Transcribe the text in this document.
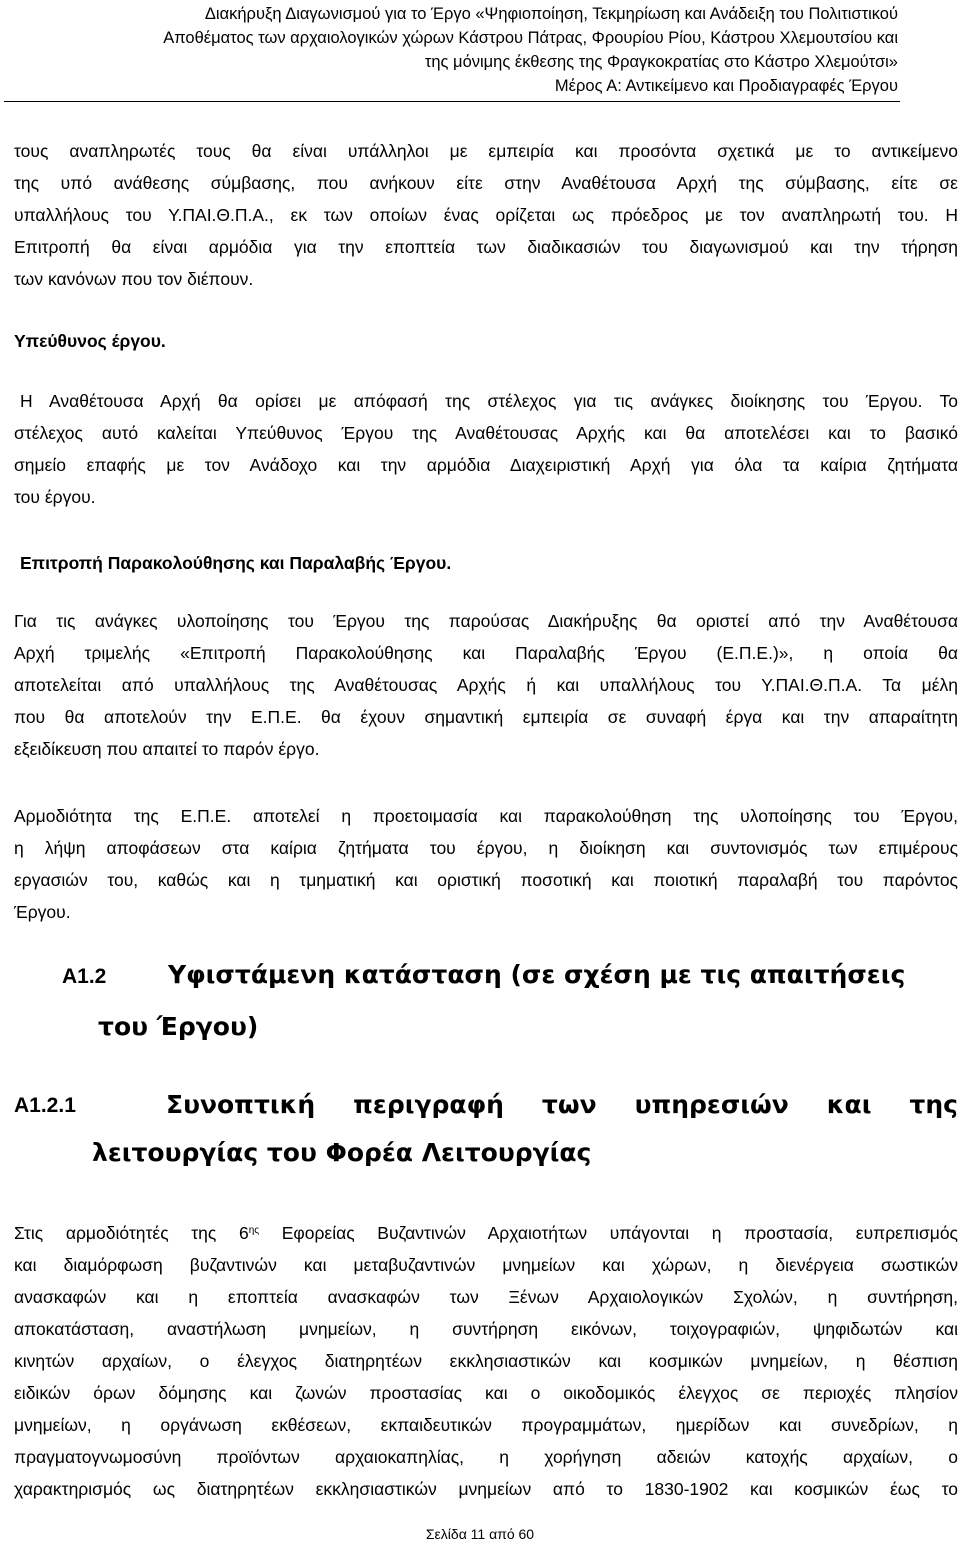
Διακήρυξη Διαγωνισμού για το Έργο «Ψηφιοποίηση, Τεκμηρίωση και Ανάδειξη του Πολιτιστικού
Αποθέματος των αρχαιολογικών χώρων Κάστρου Πάτρας, Φρουρίου Ρίου, Κάστρου Χλεμουτσίου και
της μόνιμης έκθεσης της Φραγκοκρατίας στο Κάστρο Χλεμούτσι»
Μέρος Α: Αντικείμενο και Προδιαγραφές Έργου
τους αναπληρωτές τους θα είναι υπάλληλοι με εμπειρία και προσόντα σχετικά με το αντικείμενο
της υπό ανάθεσης σύμβασης, που ανήκουν είτε στην Αναθέτουσα Αρχή της σύμβασης, είτε σε
υπαλλήλους του Υ.ΠΑΙ.Θ.Π.Α., εκ των οποίων ένας ορίζεται ως πρόεδρος με τον αναπληρωτή του. Η
Επιτροπή θα είναι αρμόδια για την εποπτεία των διαδικασιών του διαγωνισμού και την τήρηση
των κανόνων που τον διέπουν.
Υπεύθυνος έργου.
Η Αναθέτουσα Αρχή θα ορίσει με απόφασή της στέλεχος για τις ανάγκες διοίκησης του Έργου. Το
στέλεχος αυτό καλείται Υπεύθυνος Έργου της Αναθέτουσας Αρχής και θα αποτελέσει και το βασικό
σημείο επαφής με τον Ανάδοχο και την αρμόδια Διαχειριστική Αρχή για όλα τα καίρια ζητήματα
του έργου.
Επιτροπή Παρακολούθησης και Παραλαβής Έργου.
Για τις ανάγκες υλοποίησης του Έργου της παρούσας Διακήρυξης θα οριστεί από την Αναθέτουσα
Αρχή τριμελής «Επιτροπή Παρακολούθησης και Παραλαβής Έργου (Ε.Π.Ε.)», η οποία θα
αποτελείται από υπαλλήλους της Αναθέτουσας Αρχής ή και υπαλλήλους του Υ.ΠΑΙ.Θ.Π.Α. Τα μέλη
που θα αποτελούν την Ε.Π.Ε. θα έχουν σημαντική εμπειρία σε συναφή έργα και την απαραίτητη
εξειδίκευση που απαιτεί το παρόν έργο.
Αρμοδιότητα της Ε.Π.Ε. αποτελεί η προετοιμασία και παρακολούθηση της υλοποίησης του Έργου,
η λήψη αποφάσεων στα καίρια ζητήματα του έργου, η διοίκηση και συντονισμός των επιμέρους
εργασιών του, καθώς και η τμηματική και οριστική ποσοτική και ποιοτική παραλαβή του παρόντος
Έργου.
Α1.2 Υφιστάμενη κατάσταση (σε σχέση με τις απαιτήσεις
του Έργου)
Α1.2.1	Συνοπτική περιγραφή των υπηρεσιών και της
λειτουργίας του Φορέα Λειτουργίας
Στις αρμοδιότητές της $6^{\eta\varsigma}$ Εφορείας Βυζαντινών Αρχαιοτήτων υπάγονται η προστασία, ευπρεπισμός
και διαμόρφωση βυζαντινών και μεταβυζαντινών μνημείων και χώρων, η διενέργεια σωστικών
ανασκαφών και η εποπτεία ανασκαφών των Ξένων Αρχαιολογικών Σχολών, η συντήρηση,
αποκατάσταση, αναστήλωση μνημείων, η συντήρηση εικόνων, τοιχογραφιών, ψηφιδωτών και
κινητών αρχαίων, ο έλεγχος διατηρητέων εκκλησιαστικών και κοσμικών μνημείων, η θέσπιση
ειδικών όρων δόμησης και ζωνών προστασίας και ο οικοδομικός έλεγχος σε περιοχές πλησίον
μνημείων, η οργάνωση εκθέσεων, εκπαιδευτικών προγραμμάτων, ημερίδων και συνεδρίων, η
πραγματογνωμοσύνη προϊόντων αρχαιοκαπηλίας, η χορήγηση αδειών κατοχής αρχαίων, ο
χαρακτηρισμός ως διατηρητέων εκκλησιαστικών μνημείων από το 1830-1902 και κοσμικών έως το
Σελίδα 11 από 60
